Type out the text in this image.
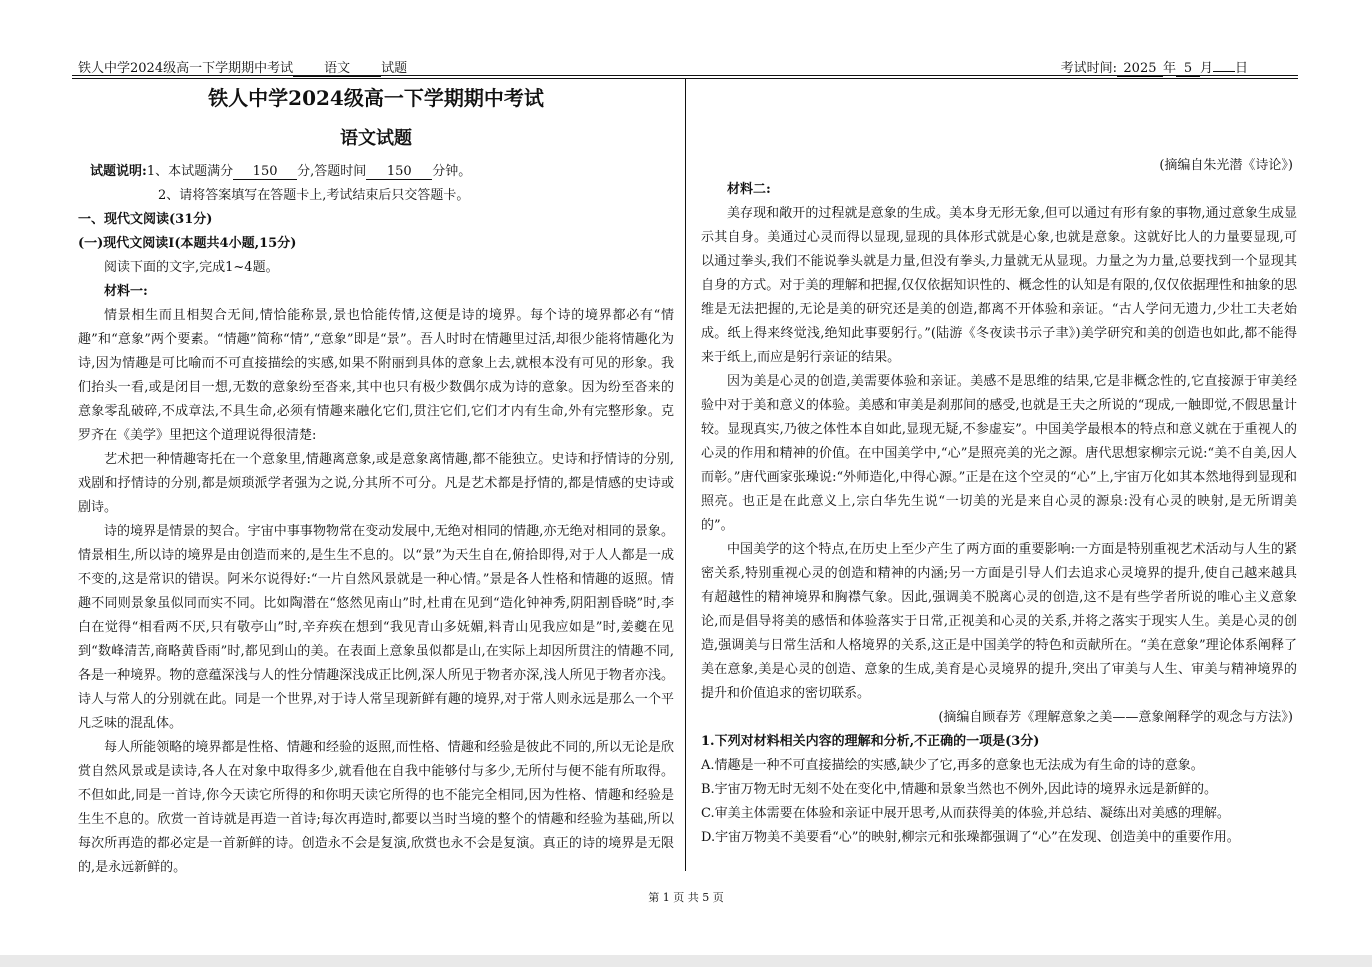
铁人中学2024级高一下学期期中考试 语文 试题	考试时间: 2025 年 5 月 日
铁人中学2024级高一下学期期中考试
语文试题
试题说明:1、本试题满分 150 分,答题时间 150 分钟。
2、请将答案填写在答题卡上,考试结束后只交答题卡。
一、现代文阅读(31分)
(一)现代文阅读Ⅰ(本题共4小题,15分)
阅读下面的文字,完成1~4题。
材料一:

情景相生而且相契合无间,情恰能称景,景也恰能传情,这便是诗的境界。每个诗的境界都必有“情趣”和“意象”两个要素。“情趣”简称“情”,“意象”即是“景”。吾人时时在情趣里过活,却很少能将情趣化为诗,因为情趣是可比喻而不可直接描绘的实感,如果不附丽到具体的意象上去,就根本没有可见的形象。我们抬头一看,或是闭目一想,无数的意象纷至沓来,其中也只有极少数偶尔成为诗的意象。因为纷至沓来的意象零乱破碎,不成章法,不具生命,必须有情趣来融化它们,贯注它们,它们才内有生命,外有完整形象。克罗齐在《美学》里把这个道理说得很清楚:

艺术把一种情趣寄托在一个意象里,情趣离意象,或是意象离情趣,都不能独立。史诗和抒情诗的分别,戏剧和抒情诗的分别,都是烦琐派学者强为之说,分其所不可分。凡是艺术都是抒情的,都是情感的史诗或剧诗。

诗的境界是情景的契合。宇宙中事事物物常在变动发展中,无绝对相同的情趣,亦无绝对相同的景象。情景相生,所以诗的境界是由创造而来的,是生生不息的。以“景”为天生自在,俯拾即得,对于人人都是一成不变的,这是常识的错误。阿米尔说得好:“一片自然风景就是一种心情。”景是各人性格和情趣的返照。情趣不同则景象虽似同而实不同。比如陶潜在“悠然见南山”时,杜甫在见到“造化钟神秀,阴阳割昏晓”时,李白在觉得“相看两不厌,只有敬亭山”时,辛弃疾在想到“我见青山多妩媚,料青山见我应如是”时,姜夔在见到“数峰清苦,商略黄昏雨”时,都见到山的美。在表面上意象虽似都是山,在实际上却因所贯注的情趣不同,各是一种境界。物的意蕴深浅与人的性分情趣深浅成正比例,深人所见于物者亦深,浅人所见于物者亦浅。诗人与常人的分别就在此。同是一个世界,对于诗人常呈现新鲜有趣的境界,对于常人则永远是那么一个平凡乏味的混乱体。

每人所能领略的境界都是性格、情趣和经验的返照,而性格、情趣和经验是彼此不同的,所以无论是欣赏自然风景或是读诗,各人在对象中取得多少,就看他在自我中能够付与多少,无所付与便不能有所取得。不但如此,同是一首诗,你今天读它所得的和你明天读它所得的也不能完全相同,因为性格、情趣和经验是生生不息的。欣赏一首诗就是再造一首诗;每次再造时,都要以当时当境的整个的情趣和经验为基础,所以每次所再造的都必定是一首新鲜的诗。创造永不会是复演,欣赏也永不会是复演。真正的诗的境界是无限的,是永远新鲜的。

(摘编自朱光潜《诗论》)
材料二:

美存现和敞开的过程就是意象的生成。美本身无形无象,但可以通过有形有象的事物,通过意象生成显示其自身。美通过心灵而得以显现,显现的具体形式就是心象,也就是意象。这就好比人的力量要显现,可以通过拳头,我们不能说拳头就是力量,但没有拳头,力量就无从显现。力量之为力量,总要找到一个显现其自身的方式。对于美的理解和把握,仅仅依据知识性的、概念性的认知是有限的,仅仅依据理性和抽象的思维是无法把握的,无论是美的研究还是美的创造,都离不开体验和亲证。“古人学问无遗力,少壮工夫老始成。纸上得来终觉浅,绝知此事要躬行。”(陆游《冬夜读书示子聿》)美学研究和美的创造也如此,都不能得来于纸上,而应是躬行亲证的结果。

因为美是心灵的创造,美需要体验和亲证。美感不是思维的结果,它是非概念性的,它直接源于审美经验中对于美和意义的体验。美感和审美是刹那间的感受,也就是王夫之所说的“现成,一触即觉,不假思量计较。显现真实,乃彼之体性本自如此,显现无疑,不参虚妄”。中国美学最根本的特点和意义就在于重视人的心灵的作用和精神的价值。在中国美学中,“心”是照亮美的光之源。唐代思想家柳宗元说:“美不自美,因人而彰。”唐代画家张璪说:“外师造化,中得心源。”正是在这个空灵的“心”上,宇宙万化如其本然地得到显现和照亮。也正是在此意义上,宗白华先生说“一切美的光是来自心灵的源泉:没有心灵的映射,是无所谓美的”。

中国美学的这个特点,在历史上至少产生了两方面的重要影响:一方面是特别重视艺术活动与人生的紧密关系,特别重视心灵的创造和精神的内涵;另一方面是引导人们去追求心灵境界的提升,使自己越来越具有超越性的精神境界和胸襟气象。因此,强调美不脱离心灵的创造,这不是有些学者所说的唯心主义意象论,而是倡导将美的感悟和体验落实于日常,正视美和心灵的关系,并将之落实于现实人生。美是心灵的创造,强调美与日常生活和人格境界的关系,这正是中国美学的特色和贡献所在。“美在意象”理论体系阐释了美在意象,美是心灵的创造、意象的生成,美育是心灵境界的提升,突出了审美与人生、审美与精神境界的提升和价值追求的密切联系。

(摘编自顾春芳《理解意象之美——意象阐释学的观念与方法》)
1.下列对材料相关内容的理解和分析,不正确的一项是(3分)
A.情趣是一种不可直接描绘的实感,缺少了它,再多的意象也无法成为有生命的诗的意象。
B.宇宙万物无时无刻不处在变化中,情趣和景象当然也不例外,因此诗的境界永远是新鲜的。
C.审美主体需要在体验和亲证中展开思考,从而获得美的体验,并总结、凝练出对美感的理解。
D.宇宙万物美不美要看“心”的映射,柳宗元和张璪都强调了“心”在发现、创造美中的重要作用。
第 1 页 共 5 页
